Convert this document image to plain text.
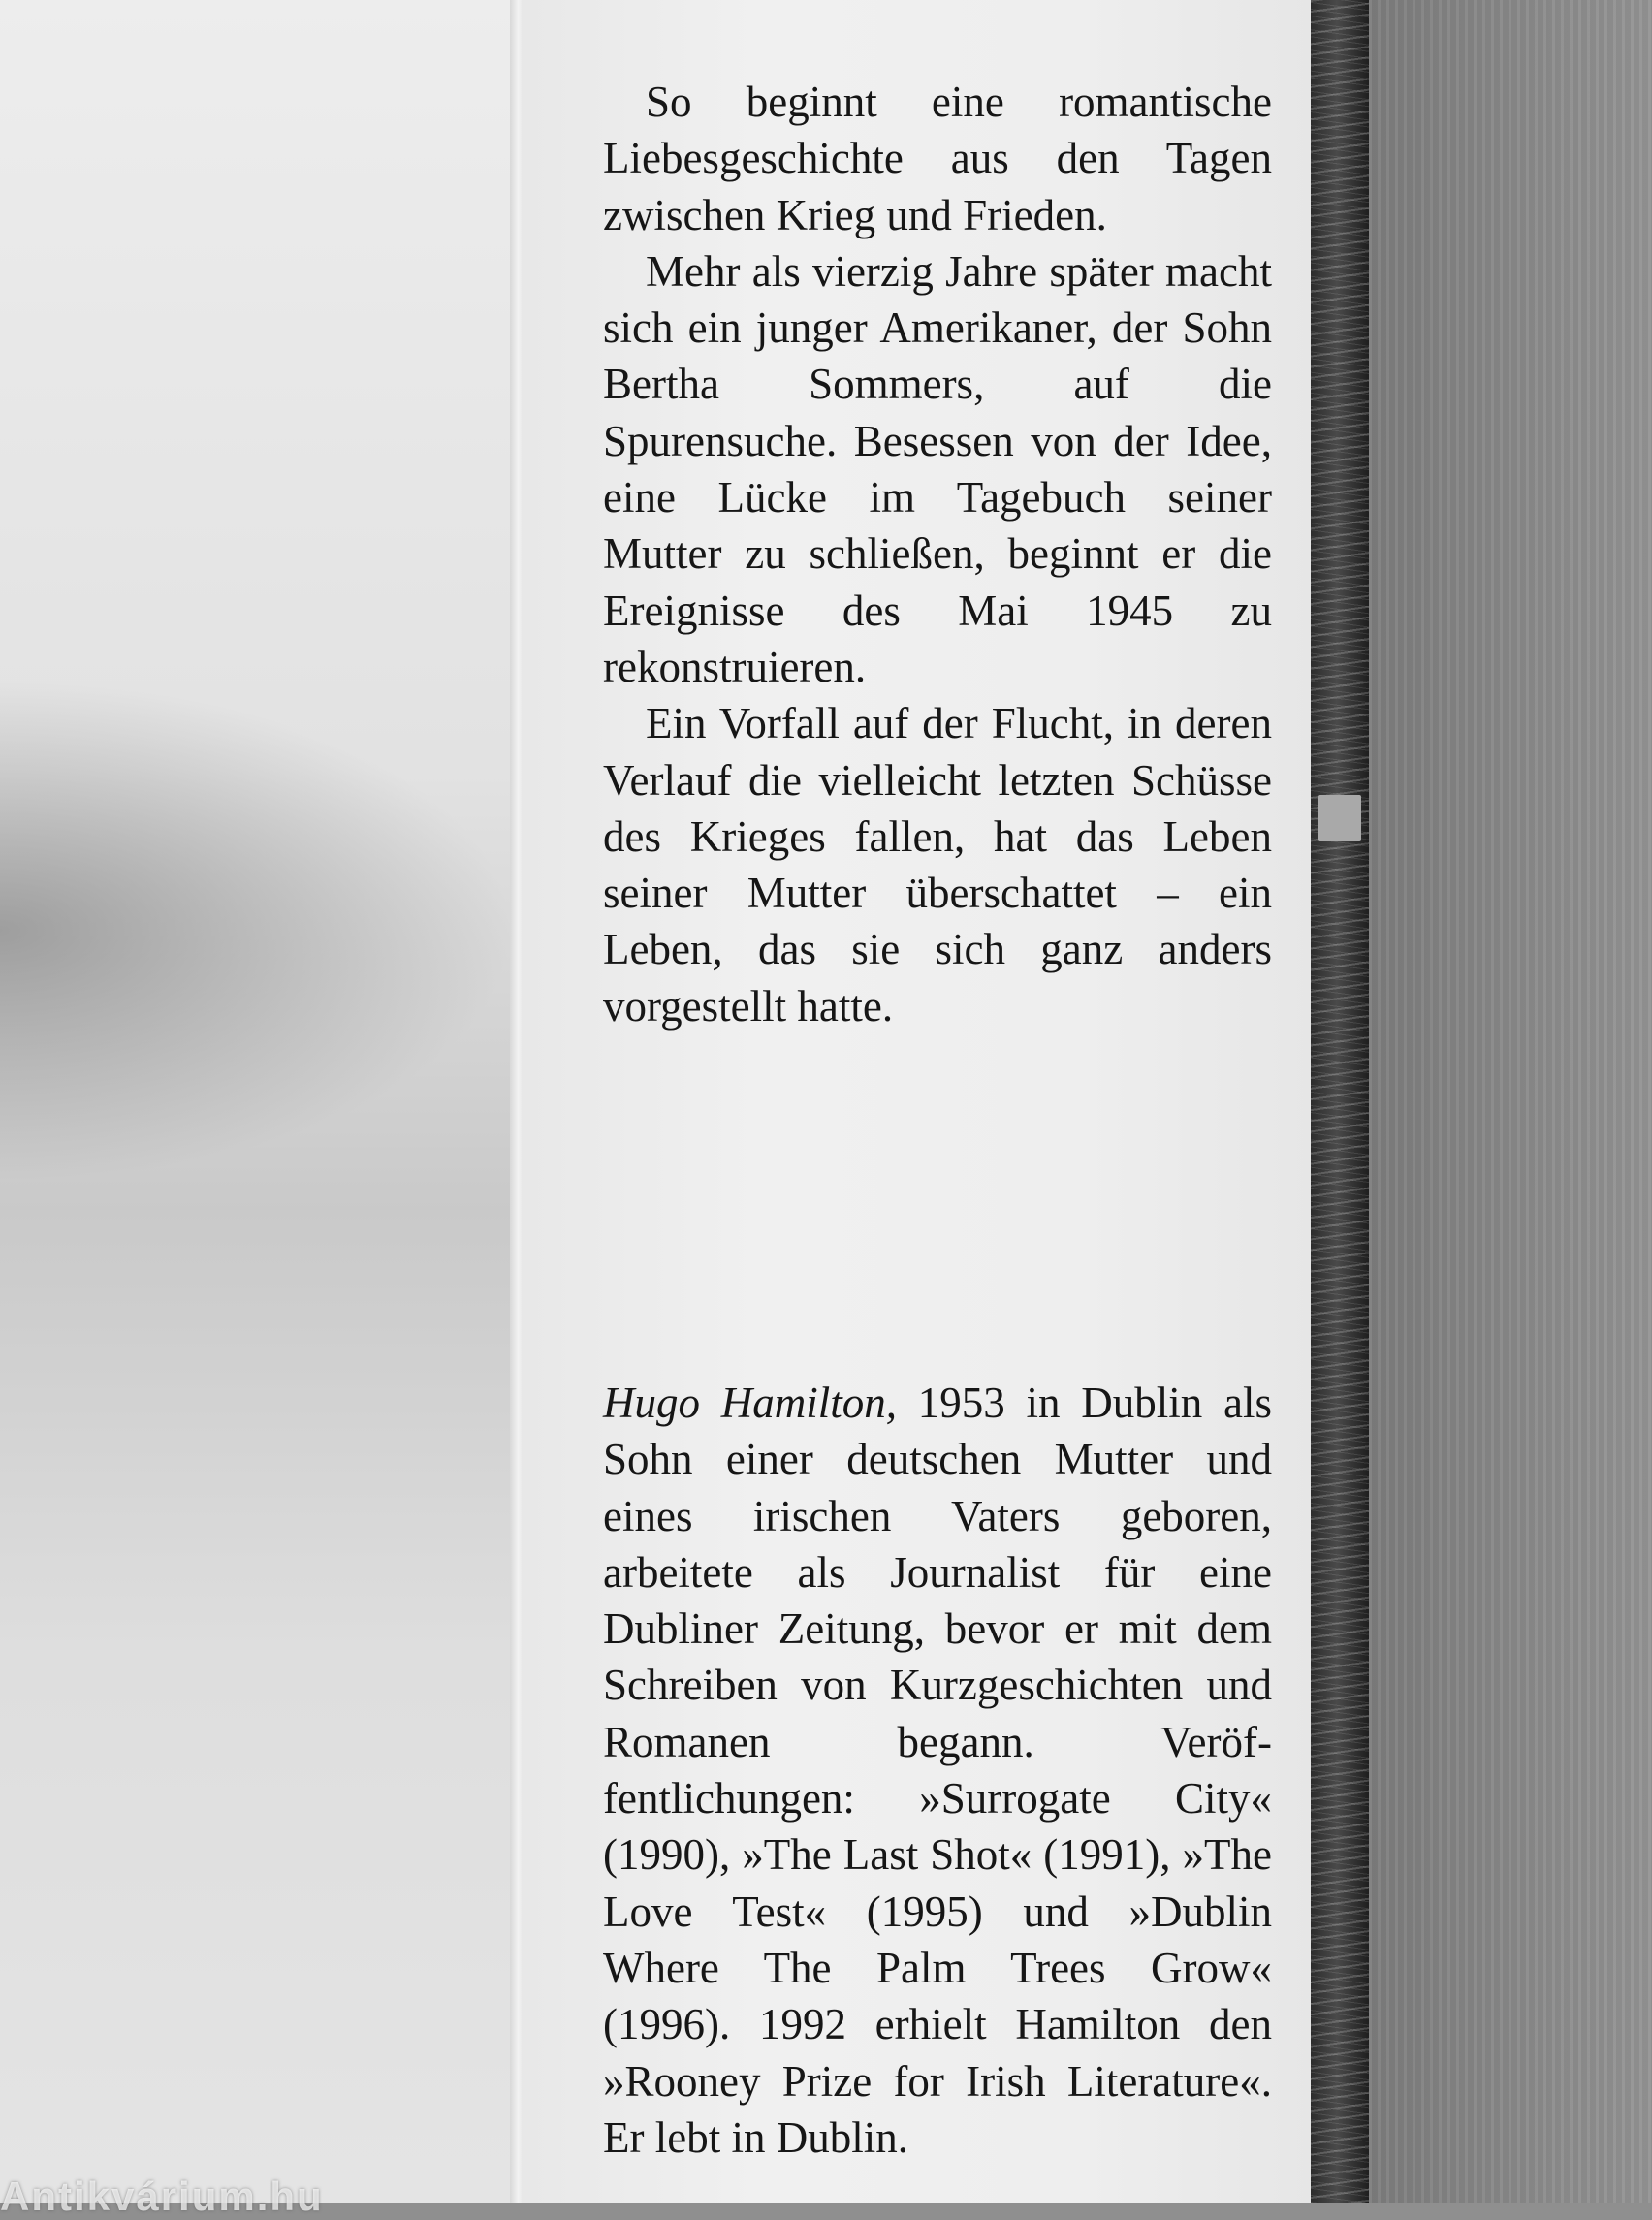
So beginnt eine romantische Liebesgeschichte aus den Tagen zwischen Krieg und Frieden.

Mehr als vierzig Jahre später macht sich ein junger Amerikaner, der Sohn Bertha Sommers, auf die Spurensuche. Besessen von der Idee, eine Lücke im Tagebuch seiner Mutter zu schließen, beginnt er die Ereignisse des Mai 1945 zu rekonstruieren.

Ein Vorfall auf der Flucht, in deren Verlauf die vielleicht letzten Schüsse des Krieges fallen, hat das Leben seiner Mutter überschattet – ein Leben, das sie sich ganz anders vorgestellt hatte.

Hugo Hamilton, 1953 in Dublin als Sohn einer deutschen Mutter und eines irischen Vaters geboren, arbeitete als Journalist für eine Dubliner Zeitung, bevor er mit dem Schreiben von Kurzgeschichten und Romanen begann. Veröffentlichungen: »Surrogate City« (1990), »The Last Shot« (1991), »The Love Test« (1995) und »Dublin Where The Palm Trees Grow« (1996). 1992 erhielt Hamilton den »Rooney Prize for Irish Literature«. Er lebt in Dublin.

Antikvárium.hu
